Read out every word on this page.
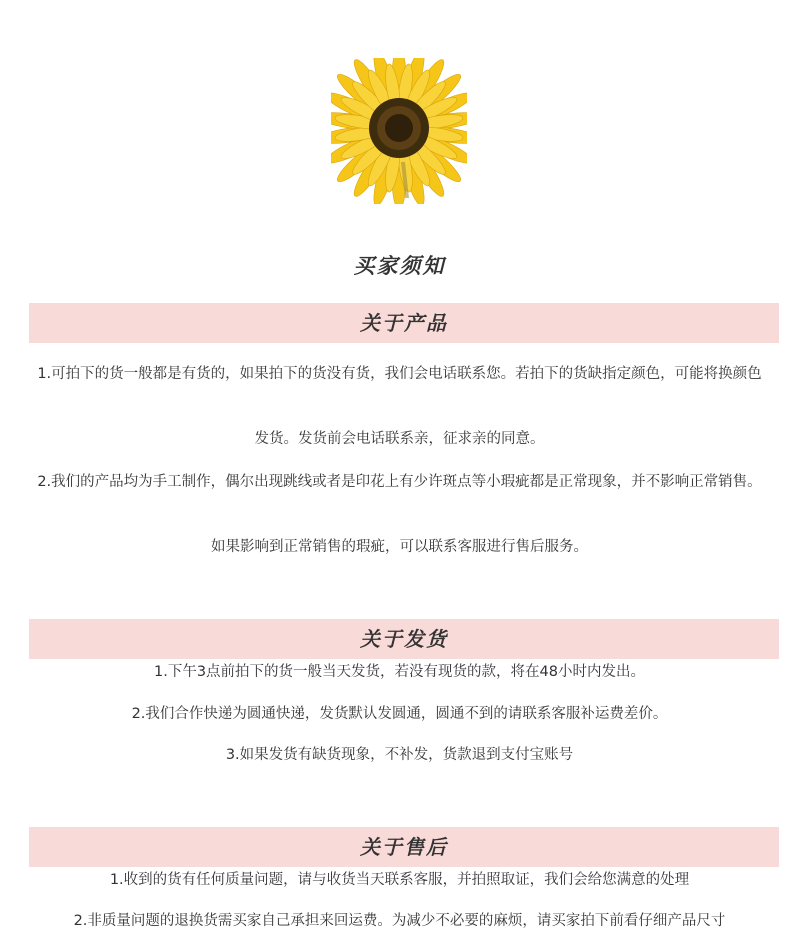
买家须知
关于产品
1.可拍下的货一般都是有货的，如果拍下的货没有货，我们会电话联系您。若拍下的货缺指定颜色，可能将换颜色
发货。发货前会电话联系亲，征求亲的同意。
2.我们的产品均为手工制作，偶尔出现跳线或者是印花上有少许斑点等小瑕疵都是正常现象，并不影响正常销售。
如果影响到正常销售的瑕疵，可以联系客服进行售后服务。
关于发货
1.下午3点前拍下的货一般当天发货，若没有现货的款，将在48小时内发出。
2.我们合作快递为圆通快递，发货默认发圆通，圆通不到的请联系客服补运费差价。
3.如果发货有缺货现象，不补发，货款退到支付宝账号
关于售后
1.收到的货有任何质量问题，请与收货当天联系客服，并拍照取证，我们会给您满意的处理
2.非质量问题的退换货需买家自己承担来回运费。为减少不必要的麻烦，请买家拍下前看仔细产品尺寸
